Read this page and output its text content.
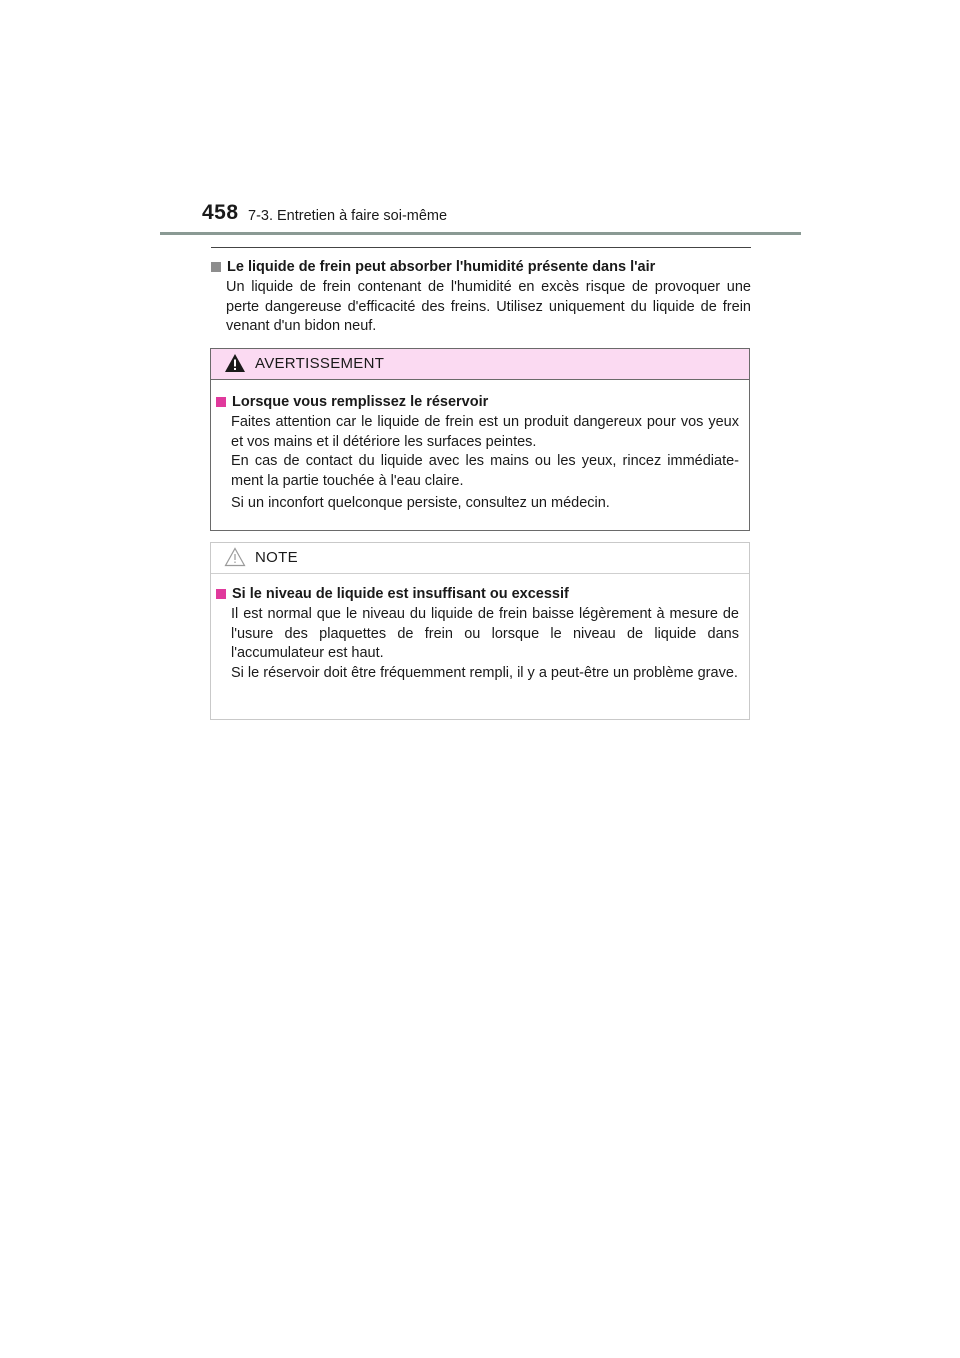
458 7-3. Entretien à faire soi-même
Le liquide de frein peut absorber l'humidité présente dans l'air
Un liquide de frein contenant de l'humidité en excès risque de provoquer une perte dangereuse d'efficacité des freins. Utilisez uniquement du liquide de frein venant d'un bidon neuf.
AVERTISSEMENT
Lorsque vous remplissez le réservoir
Faites attention car le liquide de frein est un produit dangereux pour vos yeux et vos mains et il détériore les surfaces peintes.
En cas de contact du liquide avec les mains ou les yeux, rincez immédiate-ment la partie touchée à l'eau claire.
Si un inconfort quelconque persiste, consultez un médecin.
NOTE
Si le niveau de liquide est insuffisant ou excessif
Il est normal que le niveau du liquide de frein baisse légèrement à mesure de l'usure des plaquettes de frein ou lorsque le niveau de liquide dans l'accumulateur est haut.
Si le réservoir doit être fréquemment rempli, il y a peut-être un problème grave.
